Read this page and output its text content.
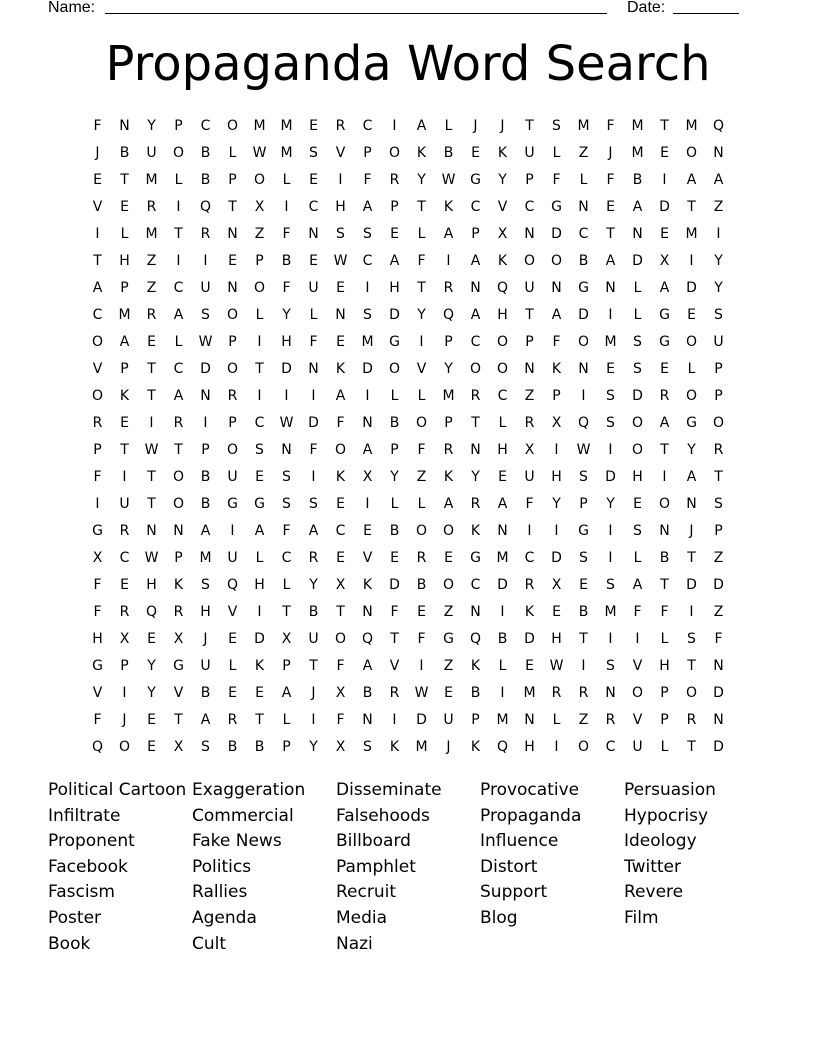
Name:	Date:
Propaganda Word Search
F	N	Y	P	C	O	M	M	E	R	C	I	A	L	J	J	T	S	M	F	M	T	M	Q
J	B	U	O	B	L	W	M	S	V	P	O	K	B	E	K	U	L	Z	J	M	E	O	N
E	T	M	L	B	P	O	L	E	I	F	R	Y	W	G	Y	P	F	L	F	B	I	A	A
V	E	R	I	Q	T	X	I	C	H	A	P	T	K	C	V	C	G	N	E	A	D	T	Z
I	L	M	T	R	N	Z	F	N	S	S	E	L	A	P	X	N	D	C	T	N	E	M	I
T	H	Z	I	I	E	P	B	E	W	C	A	F	I	A	K	O	O	B	A	D	X	I	Y
A	P	Z	C	U	N	O	F	U	E	I	H	T	R	N	Q	U	N	G	N	L	A	D	Y
C	M	R	A	S	O	L	Y	L	N	S	D	Y	Q	A	H	T	A	D	I	L	G	E	S
O	A	E	L	W	P	I	H	F	E	M	G	I	P	C	O	P	F	O	M	S	G	O	U
V	P	T	C	D	O	T	D	N	K	D	O	V	Y	O	O	N	K	N	E	S	E	L	P
O	K	T	A	N	R	I	I	I	A	I	L	L	M	R	C	Z	P	I	S	D	R	O	P
R	E	I	R	I	P	C	W	D	F	N	B	O	P	T	L	R	X	Q	S	O	A	G	O
P	T	W	T	P	O	S	N	F	O	A	P	F	R	N	H	X	I	W	I	O	T	Y	R
F	I	T	O	B	U	E	S	I	K	X	Y	Z	K	Y	E	U	H	S	D	H	I	A	T
I	U	T	O	B	G	G	S	S	E	I	L	L	A	R	A	F	Y	P	Y	E	O	N	S
G	R	N	N	A	I	A	F	A	C	E	B	O	O	K	N	I	I	G	I	S	N	J	P
X	C	W	P	M	U	L	C	R	E	V	E	R	E	G	M	C	D	S	I	L	B	T	Z
F	E	H	K	S	Q	H	L	Y	X	K	D	B	O	C	D	R	X	E	S	A	T	D	D
F	R	Q	R	H	V	I	T	B	T	N	F	E	Z	N	I	K	E	B	M	F	F	I	Z
H	X	E	X	J	E	D	X	U	O	Q	T	F	G	Q	B	D	H	T	I	I	L	S	F
G	P	Y	G	U	L	K	P	T	F	A	V	I	Z	K	L	E	W	I	S	V	H	T	N
V	I	Y	V	B	E	E	A	J	X	B	R	W	E	B	I	M	R	R	N	O	P	O	D
F	J	E	T	A	R	T	L	I	F	N	I	D	U	P	M	N	L	Z	R	V	P	R	N
Q	O	E	X	S	B	B	P	Y	X	S	K	M	J	K	Q	H	I	O	C	U	L	T	D
Political Cartoon
Infiltrate
Proponent
Facebook
Fascism
Poster
Book
Exaggeration
Commercial
Fake News
Politics
Rallies
Agenda
Cult
Disseminate
Falsehoods
Billboard
Pamphlet
Recruit
Media
Nazi
Provocative
Propaganda
Influence
Distort
Support
Blog
Persuasion
Hypocrisy
Ideology
Twitter
Revere
Film
